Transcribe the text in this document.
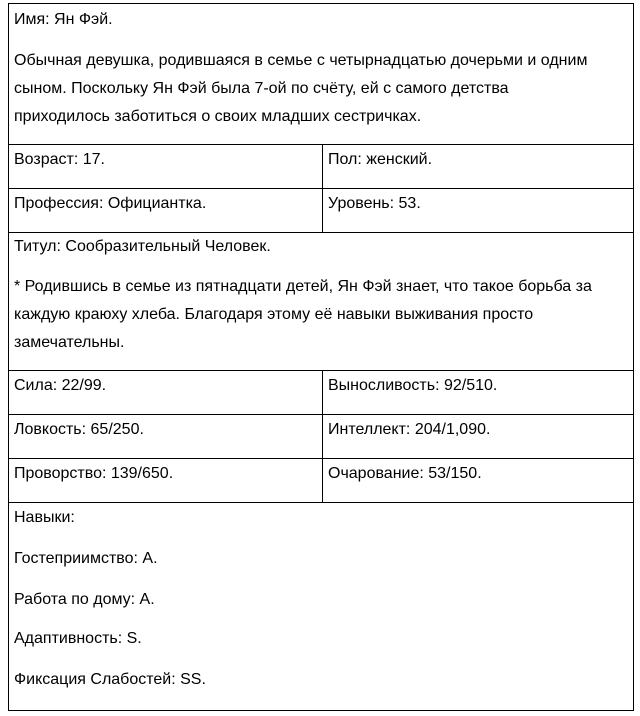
Имя: Ян Фэй.
Обычная девушка, родившаяся в семье с четырнадцатью дочерьми и одним
сыном. Поскольку Ян Фэй была 7-ой по счёту, ей с самого детства
приходилось заботиться о своих младших сестричках.
Возраст: 17.	Пол: женский.
Профессия: Официантка.	Уровень: 53.
Титул: Сообразительный Человек.
* Родившись в семье из пятнадцати детей, Ян Фэй знает, что такое борьба за
каждую краюху хлеба. Благодаря этому её навыки выживания просто
замечательны.
Сила: 22/99.	Выносливость: 92/510.
Ловкость: 65/250.	Интеллект: 204/1,090.
Проворство: 139/650.	Очарование: 53/150.
Навыки:
Гостеприимство: А.
Работа по дому: А.
Адаптивность: S.
Фиксация Слабостей: SS.
